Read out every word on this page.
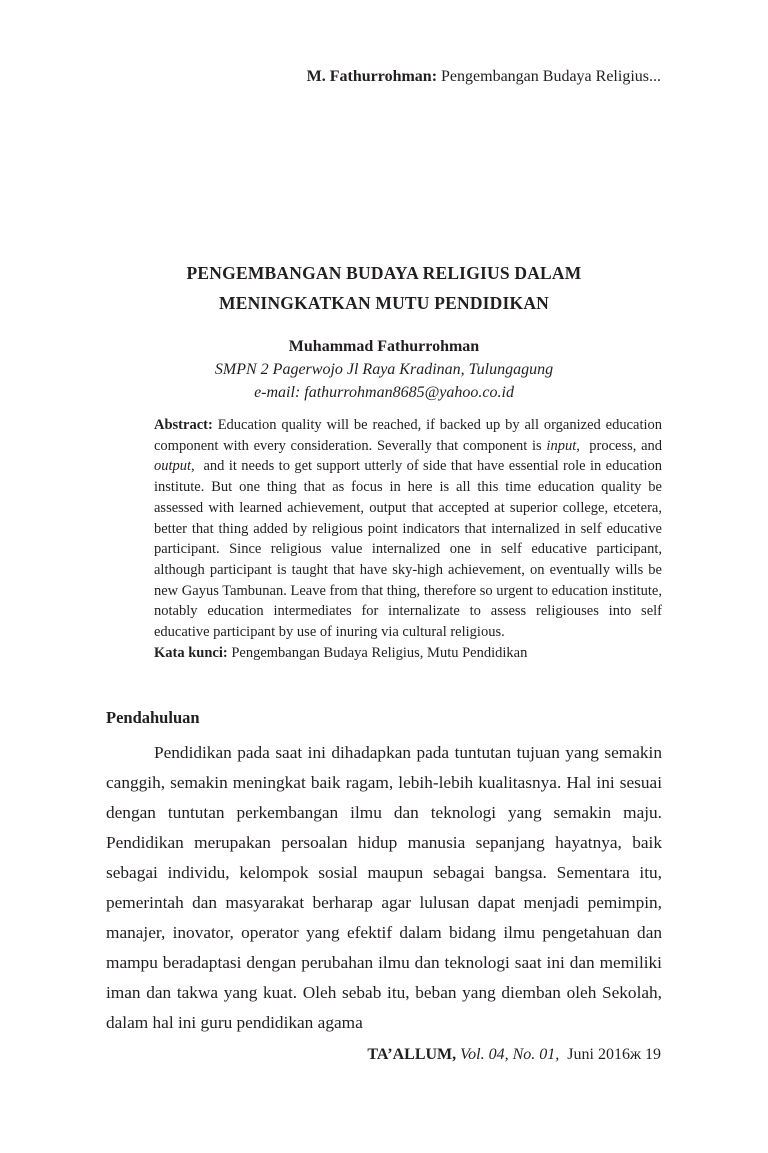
M. Fathurrohman: Pengembangan Budaya Religius...
PENGEMBANGAN BUDAYA RELIGIUS DALAM
MENINGKATKAN MUTU PENDIDIKAN
Muhammad Fathurrohman
SMPN 2 Pagerwojo Jl Raya Kradinan, Tulungagung
e-mail: fathurrohman8685@yahoo.co.id
Abstract: Education quality will be reached, if backed up by all organized education component with every consideration. Severally that component is input, process, and output, and it needs to get support utterly of side that have essential role in education institute. But one thing that as focus in here is all this time education quality be assessed with learned achievement, output that accepted at superior college, etcetera, better that thing added by religious point indicators that internalized in self educative participant. Since religious value internalized one in self educative participant, although participant is taught that have sky-high achievement, on eventually wills be new Gayus Tambunan. Leave from that thing, therefore so urgent to education institute, notably education intermediates for internalizate to assess religiouses into self educative participant by use of inuring via cultural religious.
Kata kunci: Pengembangan Budaya Religius, Mutu Pendidikan
Pendahuluan

Pendidikan pada saat ini dihadapkan pada tuntutan tujuan yang semakin canggih, semakin meningkat baik ragam, lebih-lebih kualitasnya. Hal ini sesuai dengan tuntutan perkembangan ilmu dan teknologi yang semakin maju. Pendidikan merupakan persoalan hidup manusia sepanjang hayatnya, baik sebagai individu, kelompok sosial maupun sebagai bangsa. Sementara itu, pemerintah dan masyarakat berharap agar lulusan dapat menjadi pemimpin, manajer, inovator, operator yang efektif dalam bidang ilmu pengetahuan dan mampu beradaptasi dengan perubahan ilmu dan teknologi saat ini dan memiliki iman dan takwa yang kuat. Oleh sebab itu, beban yang diemban oleh Sekolah, dalam hal ini guru pendidikan agama

TA’ALLUM, Vol. 04, No. 01, Juni 2016ж 19
